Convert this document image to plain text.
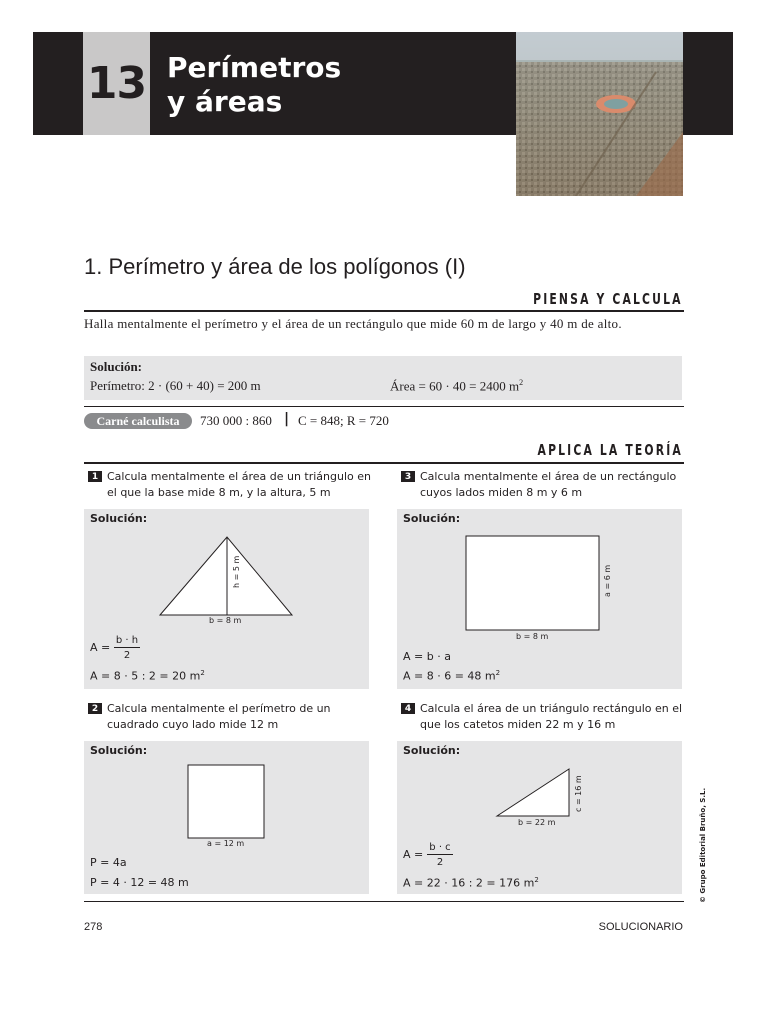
13 Perímetros
y áreas
1. Perímetro y área de los polígonos (I)
PIENSA Y CALCULA
Halla mentalmente el perímetro y el área de un rectángulo que mide 60 m de largo y 40 m de alto.
Solución:
Perímetro: 2 · (60 + 40) = 200 m	Área = 60 · 40 = 2400 $m^2$
Carné calculista	730 000 : 860 | C = 848; R = 720
APLICA LA TEORÍA
1 Calcula mentalmente el área de un triángulo en el que la base mide 8 m, y la altura, 5 m
Solución:
h = 5 m
b = 8 m
A =
b · h
2
A = 8 · 5 : 2 = 20 $m^2$
3 Calcula mentalmente el área de un rectángulo cuyos lados miden 8 m y 6 m
Solución:
a = 6 m
b = 8 m
A = b · a
A = 8 · 6 = 48 $m^2$
2 Calcula mentalmente el perímetro de un cuadrado cuyo lado mide 12 m
Solución:
a = 12 m
P = 4a
P = 4 · 12 = 48 m
4 Calcula el área de un triángulo rectángulo en el que los catetos miden 22 m y 16 m
Solución:
c = 16 m
b = 22 m
A =
b · c
2
A = 22 · 16 : 2 = 176 $m^2$
278	SOLUCIONARIO
© Grupo Editorial Bruño, S.L.
